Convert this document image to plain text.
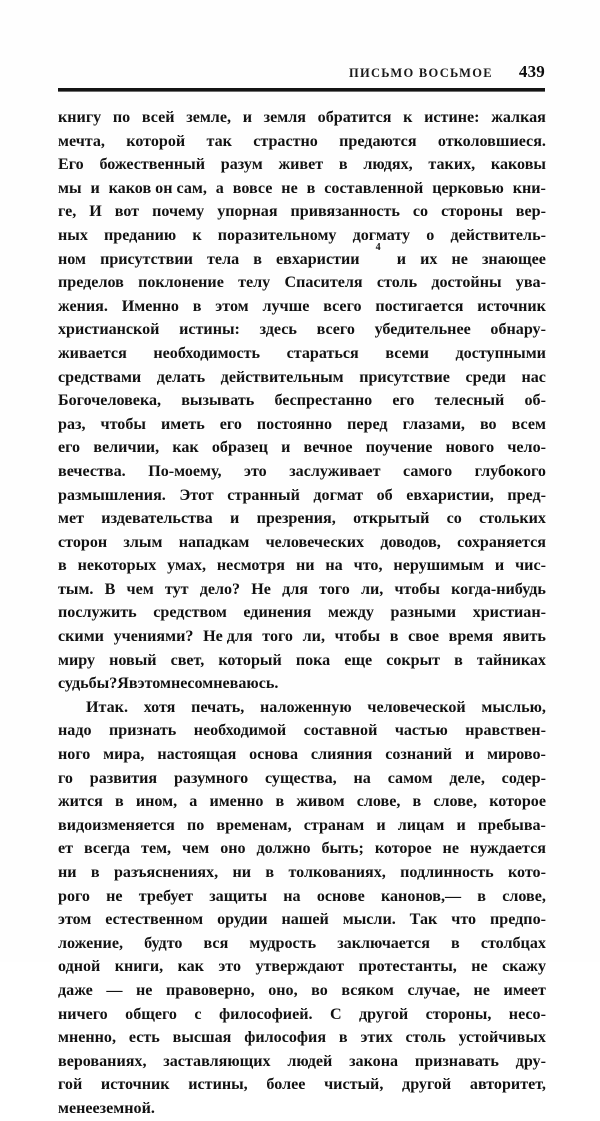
ПИСЬМО ВОСЬМОЕ 439
книгу по всей земле, и земля обратится к истине: жалкая
мечта, которой так страстно предаются отколовшиеся.
Его божественный разум живет в людях, таких, каковы
мы и каков он сам, а вовсе не в составленной церковью кни-
ге, И вот почему упорная привязанность со стороны вер-
ных преданию к поразительному догмату о действитель-
ном присутствии тела в евхаристии
4
и их не знающее
пределов поклонение телу Спасителя столь достойны ува-
жения. Именно в этом лучше всего постигается источник
христианской истины: здесь всего убедительнее обнару-
живается необходимость стараться всеми доступными
средствами делать действительным присутствие среди нас
Богочеловека, вызывать беспрестанно его телесный об-
раз, чтобы иметь его постоянно перед глазами, во всем
его величии, как образец и вечное поучение нового чело-
вечества. По-моему, это заслуживает самого глубокого
размышления. Этот странный догмат об евхаристии, пред-
мет издевательства и презрения, открытый со стольких
сторон злым нападкам человеческих доводов, сохраняется
в некоторых умах, несмотря ни на что, нерушимым и чис-
тым. В чем тут дело? Не для того ли, чтобы когда-нибудь
послужить средством единения между разными христиан-
скими учениями? Не для того ли, чтобы в свое время явить
миру новый свет, который пока еще сокрыт в тайниках
судьбы? Я в этом не сомневаюсь.
Итак. хотя печать, наложенную человеческой мыслью,
надо признать необходимой составной частью нравствен-
ного мира, настоящая основа слияния сознаний и мирово-
го развития разумного существа, на самом деле, содер-
жится в ином, а именно в живом слове, в слове, которое
видоизменяется по временам, странам и лицам и пребыва-
ет всегда тем, чем оно должно быть; которое не нуждается
ни в разъяснениях, ни в толкованиях, подлинность кото-
рого не требует защиты на основе канонов,— в слове,
этом естественном орудии нашей мысли. Так что предпо-
ложение, будто вся мудрость заключается в столбцах
одной книги, как это утверждают протестанты, не скажу
даже — не правоверно, оно, во всяком случае, не имеет
ничего общего с философией. С другой стороны, несо-
мненно, есть высшая философия в этих столь устойчивых
верованиях, заставляющих людей закона признавать дру-
гой источник истины, более чистый, другой авторитет,
менее земной.
